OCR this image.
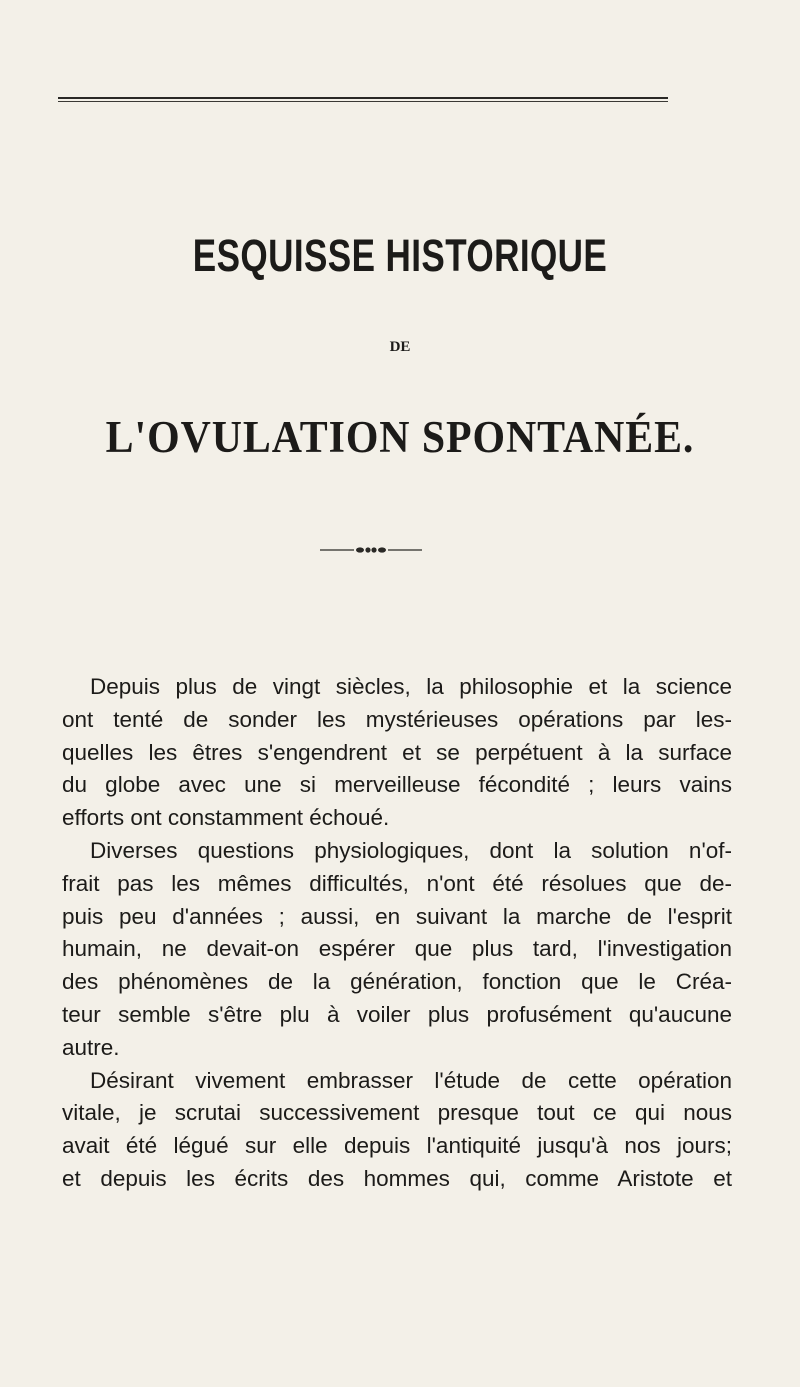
ESQUISSE HISTORIQUE
DE
L'OVULATION SPONTANÉE.
Depuis plus de vingt siècles, la philosophie et la science
ont tenté de sonder les mystérieuses opérations par les-
quelles les êtres s'engendrent et se perpétuent à la surface
du globe avec une si merveilleuse fécondité ; leurs vains
efforts ont constamment échoué.
Diverses questions physiologiques, dont la solution n'of-
frait pas les mêmes difficultés, n'ont été résolues que de-
puis peu d'années ; aussi, en suivant la marche de l'esprit
humain, ne devait-on espérer que plus tard, l'investigation
des phénomènes de la génération, fonction que le Créa-
teur semble s'être plu à voiler plus profusément qu'aucune
autre.
Désirant vivement embrasser l'étude de cette opération
vitale, je scrutai successivement presque tout ce qui nous
avait été légué sur elle depuis l'antiquité jusqu'à nos jours;
et depuis les écrits des hommes qui, comme Aristote et
